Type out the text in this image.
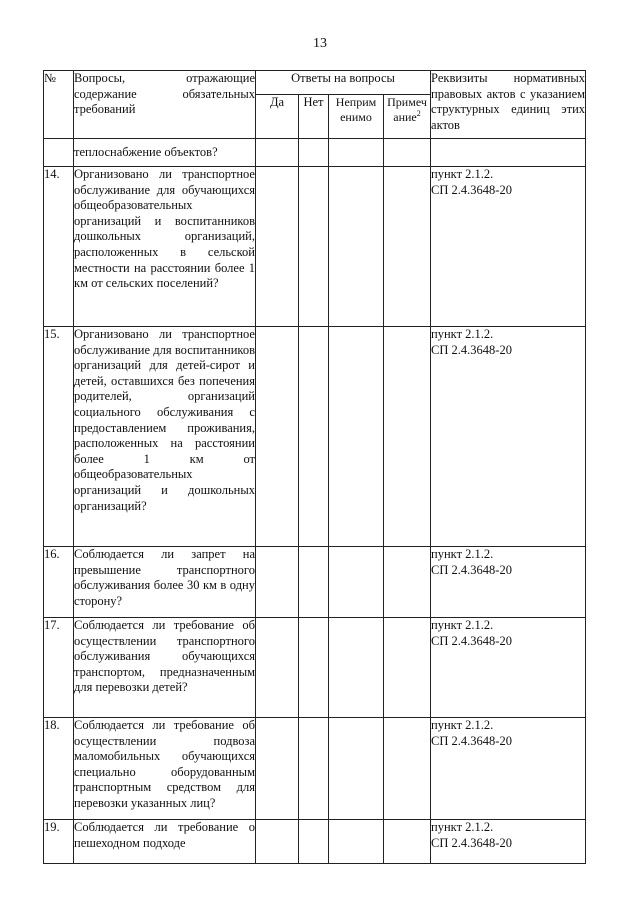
13
№	Вопросы, отражающие содержание обязательных требований	Ответы на вопросы				Реквизиты нормативных правовых актов с указанием структурных единиц этих актов
		Да	Нет	Неприм енимо	Примеч ание$^2$
	теплоснабжение объектов?					
14.	Организовано ли транспортное обслуживание для обучающихся общеобразовательных организаций и воспитанников дошкольных организаций, расположенных в сельской местности на расстоянии более 1 км от сельских поселений?					пункт 2.1.2.
СП 2.4.3648-20

15.	Организовано ли транспортное обслуживание для воспитанников организаций для детей-сирот и детей, оставшихся без попечения родителей, организаций социального обслуживания с предоставлением проживания, расположенных на расстоянии более 1 км от общеобразовательных организаций и дошкольных организаций?					пункт 2.1.2.
СП 2.4.3648-20

16.	Соблюдается ли запрет на превышение транспортного обслуживания более 30 км в одну сторону?					пункт 2.1.2.
СП 2.4.3648-20

17.	Соблюдается ли требование об осуществлении транспортного обслуживания обучающихся транспортом, предназначенным для перевозки детей?					пункт 2.1.2.
СП 2.4.3648-20

18.	Соблюдается ли требование об осуществлении подвоза маломобильных обучающихся специально оборудованным транспортным средством для перевозки указанных лиц?					пункт 2.1.2.
СП 2.4.3648-20

19.	Соблюдается ли требование о пешеходном подходе					пункт 2.1.2.
СП 2.4.3648-20
